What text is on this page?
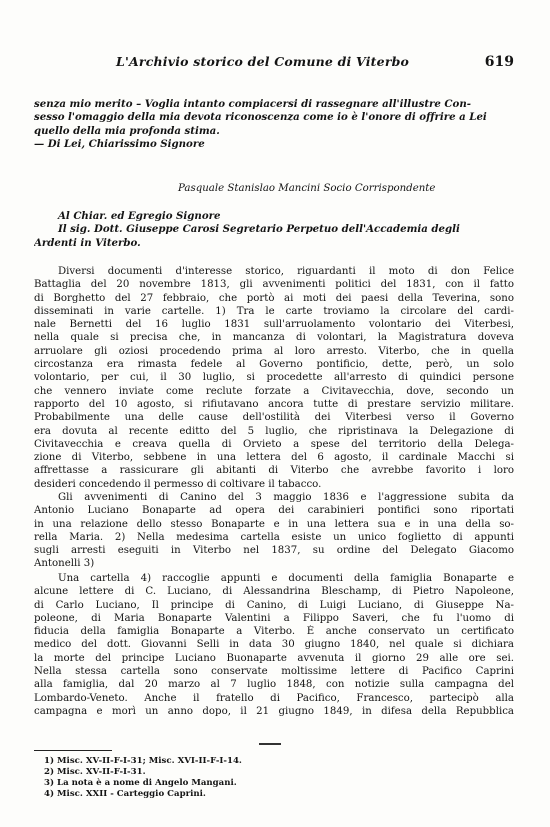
L'Archivio storico del Comune di Viterbo	619
senza mio merito – Voglia intanto compiacersi di rassegnare all'illustre Con-
sesso l'omaggio della mia devota riconoscenza come io è l'onore di offrire a Lei
quello della mia profonda stima.
— Di Lei, Chiarissimo Signore
Pasquale Stanislao Mancini Socio Corrispondente
Al Chiar. ed Egregio Signore
Il sig. Dott. Giuseppe Carosi Segretario Perpetuo dell'Accademia degli
Ardenti in Viterbo.
Diversi documenti d'interesse storico, riguardanti il moto di don Felice
Battaglia del 20 novembre 1813, gli avvenimenti politici del 1831, con il fatto
di Borghetto del 27 febbraio, che portò ai moti dei paesi della Teverina, sono
disseminati in varie cartelle. 1) Tra le carte troviamo la circolare del cardi-
nale Bernetti del 16 luglio 1831 sull'arruolamento volontario dei Viterbesi,
nella quale si precisa che, in mancanza di volontari, la Magistratura doveva
arruolare gli oziosi procedendo prima al loro arresto. Viterbo, che in quella
circostanza era rimasta fedele al Governo pontificio, dette, però, un solo
volontario, per cui, il 30 luglio, si procedette all'arresto di quindici persone
che vennero inviate come reclute forzate a Civitavecchia, dove, secondo un
rapporto del 10 agosto, si rifiutavano ancora tutte di prestare servizio militare.
Probabilmente una delle cause dell'ostilità dei Viterbesi verso il Governo
era dovuta al recente editto del 5 luglio, che ripristinava la Delegazione di
Civitavecchia e creava quella di Orvieto a spese del territorio della Delega-
zione di Viterbo, sebbene in una lettera del 6 agosto, il cardinale Macchi si
affrettasse a rassicurare gli abitanti di Viterbo che avrebbe favorito i loro
desideri concedendo il permesso di coltivare il tabacco.
Gli avvenimenti di Canino del 3 maggio 1836 e l'aggressione subita da
Antonio Luciano Bonaparte ad opera dei carabinieri pontifici sono riportati
in una relazione dello stesso Bonaparte e in una lettera sua e in una della so-
rella Maria. 2) Nella medesima cartella esiste un unico foglietto di appunti
sugli arresti eseguiti in Viterbo nel 1837, su ordine del Delegato Giacomo
Antonelli 3)
Una cartella 4) raccoglie appunti e documenti della famiglia Bonaparte e
alcune lettere di C. Luciano, di Alessandrina Bleschamp, di Pietro Napoleone,
di Carlo Luciano, Il principe di Canino, di Luigi Luciano, di Giuseppe Na-
poleone, di Maria Bonaparte Valentini a Filippo Saveri, che fu l'uomo di
fiducia della famiglia Bonaparte a Viterbo. È anche conservato un certificato
medico del dott. Giovanni Selli in data 30 giugno 1840, nel quale si dichiara
la morte del principe Luciano Buonaparte avvenuta il giorno 29 alle ore sei.
Nella stessa cartella sono conservate moltissime lettere di Pacifico Caprini
alla famiglia, dal 20 marzo al 7 luglio 1848, con notizie sulla campagna del
Lombardo-Veneto. Anche il fratello di Pacifico, Francesco, partecipò alla
campagna e morì un anno dopo, il 21 giugno 1849, in difesa della Repubblica
1) Misc. XV-II-F-I-31; Misc. XVI-II-F-I-14.
2) Misc. XV-II-F-I-31.
3) La nota è a nome di Angelo Mangani.
4) Misc. XXII - Carteggio Caprini.
